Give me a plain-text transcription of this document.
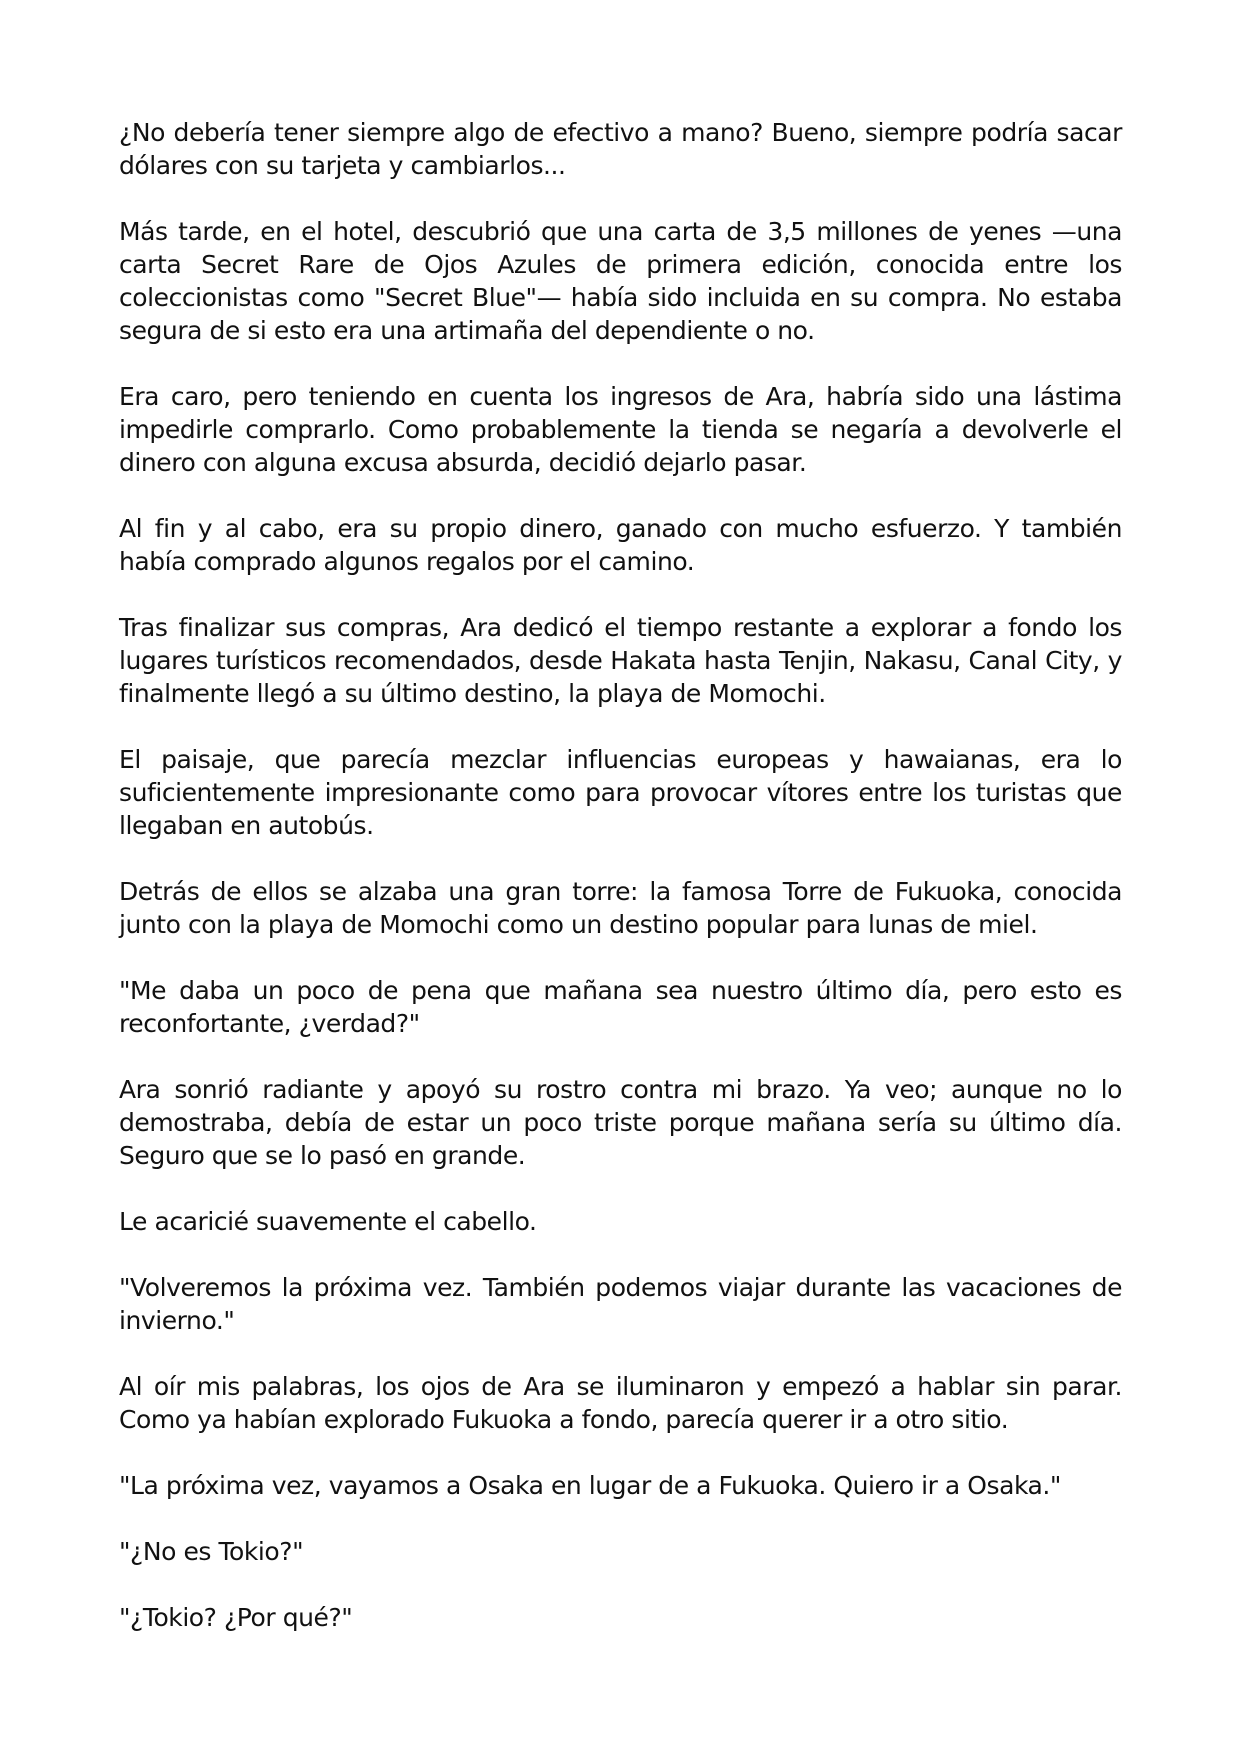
¿No debería tener siempre algo de efectivo a mano? Bueno, siempre podría sacar dólares con su tarjeta y cambiarlos...

Más tarde, en el hotel, descubrió que una carta de 3,5 millones de yenes —una carta Secret Rare de Ojos Azules de primera edición, conocida entre los coleccionistas como "Secret Blue"— había sido incluida en su compra. No estaba segura de si esto era una artimaña del dependiente o no.

Era caro, pero teniendo en cuenta los ingresos de Ara, habría sido una lástima impedirle comprarlo. Como probablemente la tienda se negaría a devolverle el dinero con alguna excusa absurda, decidió dejarlo pasar.

Al fin y al cabo, era su propio dinero, ganado con mucho esfuerzo. Y también había comprado algunos regalos por el camino.

Tras finalizar sus compras, Ara dedicó el tiempo restante a explorar a fondo los lugares turísticos recomendados, desde Hakata hasta Tenjin, Nakasu, Canal City, y finalmente llegó a su último destino, la playa de Momochi.

El paisaje, que parecía mezclar influencias europeas y hawaianas, era lo suficientemente impresionante como para provocar vítores entre los turistas que llegaban en autobús.

Detrás de ellos se alzaba una gran torre: la famosa Torre de Fukuoka, conocida junto con la playa de Momochi como un destino popular para lunas de miel.

"Me daba un poco de pena que mañana sea nuestro último día, pero esto es reconfortante, ¿verdad?"

Ara sonrió radiante y apoyó su rostro contra mi brazo. Ya veo; aunque no lo demostraba, debía de estar un poco triste porque mañana sería su último día. Seguro que se lo pasó en grande.

Le acaricié suavemente el cabello.

"Volveremos la próxima vez. También podemos viajar durante las vacaciones de invierno."

Al oír mis palabras, los ojos de Ara se iluminaron y empezó a hablar sin parar. Como ya habían explorado Fukuoka a fondo, parecía querer ir a otro sitio.

"La próxima vez, vayamos a Osaka en lugar de a Fukuoka. Quiero ir a Osaka."

"¿No es Tokio?"

"¿Tokio? ¿Por qué?"
